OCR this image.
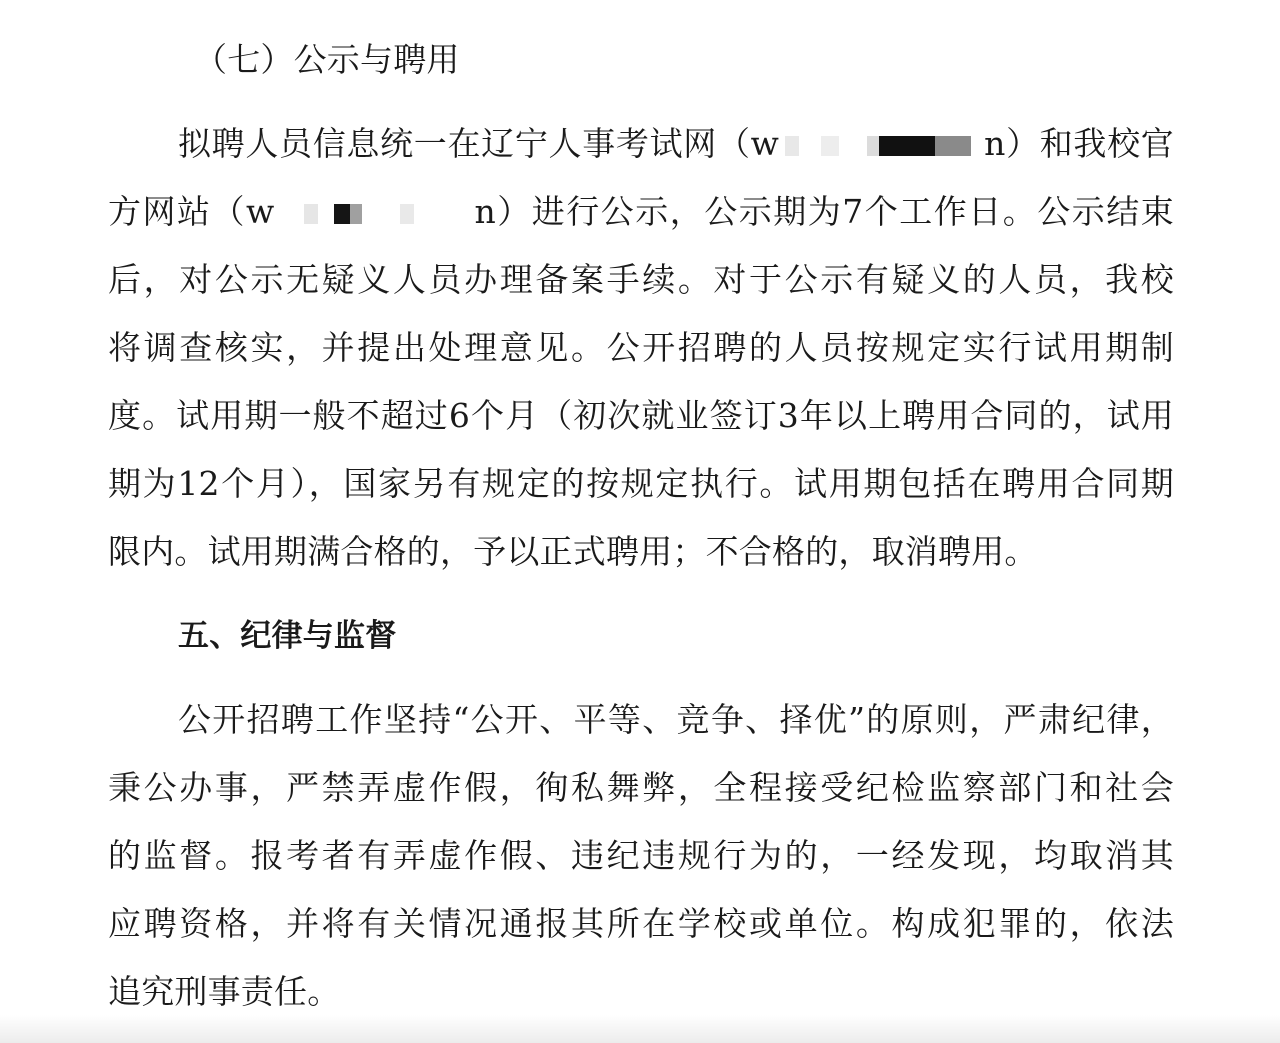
（七）公示与聘用
拟聘人员信息统一在辽宁人事考试网（w	n）和我校官
方网站（w	n）进行公示，公示期为7个工作日。公示结束
后，对公示无疑义人员办理备案手续。对于公示有疑义的人员，我校
将调查核实，并提出处理意见。公开招聘的人员按规定实行试用期制
度。试用期一般不超过6个月（初次就业签订3年以上聘用合同的，试用
期为12个月），国家另有规定的按规定执行。试用期包括在聘用合同期
限内。试用期满合格的，予以正式聘用；不合格的，取消聘用。
五、纪律与监督
公开招聘工作坚持“公开、平等、竞争、择优”的原则，严肃纪律，
秉公办事，严禁弄虚作假，徇私舞弊，全程接受纪检监察部门和社会
的监督。报考者有弄虚作假、违纪违规行为的，一经发现，均取消其
应聘资格，并将有关情况通报其所在学校或单位。构成犯罪的，依法
追究刑事责任。
